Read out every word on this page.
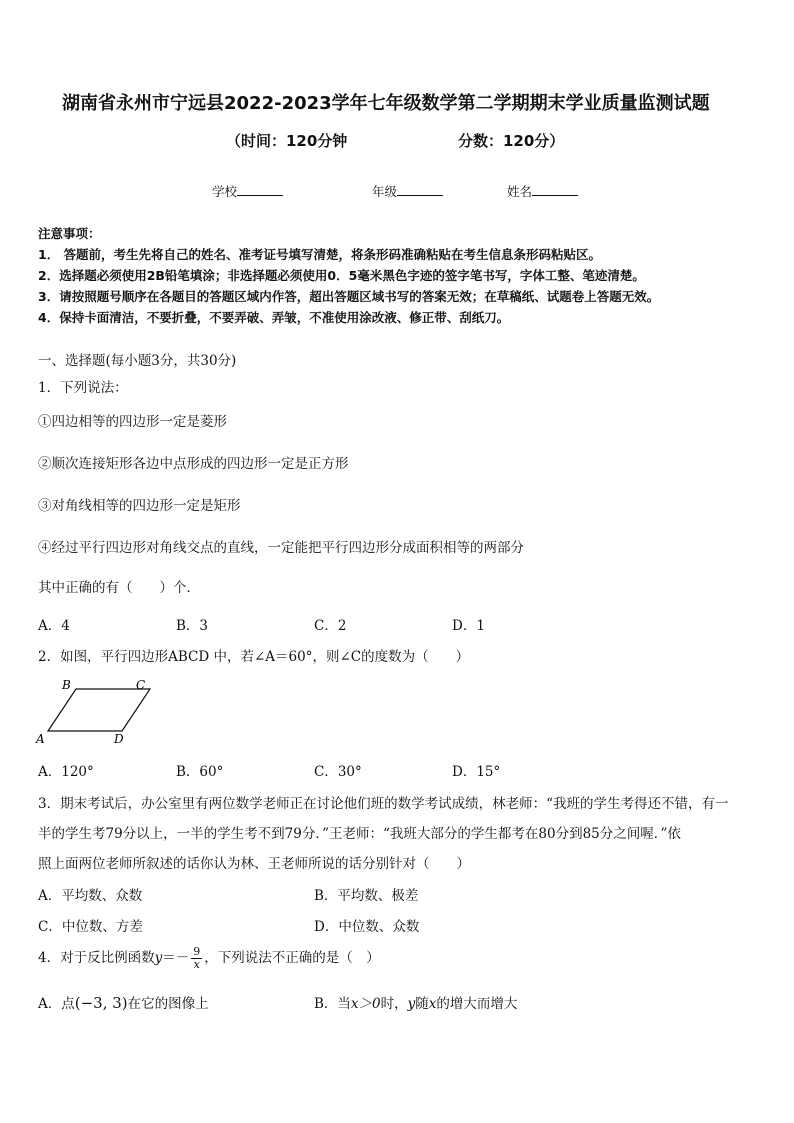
湖南省永州市宁远县2022-2023学年七年级数学第二学期期末学业质量监测试题
（时间：120分钟	分数：120分）
学校	年级	姓名
注意事项：
1． 答题前，考生先将自己的姓名、准考证号填写清楚，将条形码准确粘贴在考生信息条形码粘贴区。
2．选择题必须使用2B铅笔填涂；非选择题必须使用0．5毫米黑色字迹的签字笔书写，字体工整、笔迹清楚。
3．请按照题号顺序在各题目的答题区域内作答，超出答题区域书写的答案无效；在草稿纸、试题卷上答题无效。
4．保持卡面清洁，不要折叠，不要弄破、弄皱，不准使用涂改液、修正带、刮纸刀。
一、选择题(每小题3分，共30分)
1．下列说法：
①四边相等的四边形一定是菱形
②顺次连接矩形各边中点形成的四边形一定是正方形
③对角线相等的四边形一定是矩形
④经过平行四边形对角线交点的直线，一定能把平行四边形分成面积相等的两部分
其中正确的有（　　）个．
A．4	B．3	C．2	D．1
2．如图，平行四边形ABCD 中，若∠A＝60°，则∠C的度数为（　　）
B	C
A	D
A．120°	B．60°	C．30°	D．15°
3．期末考试后，办公室里有两位数学老师正在讨论他们班的数学考试成绩，林老师：“我班的学生考得还不错，有一
半的学生考79分以上，一半的学生考不到79分．”王老师：“我班大部分的学生都考在80分到85分之间喔．”依
照上面两位老师所叙述的话你认为林、王老师所说的话分别针对（　　）
A．平均数、众数	B．平均数、极差
C．中位数、方差	D．中位数、众数
4．对于反比例函数$y=- \frac{9}{x}$ ，下列说法不正确的是（　）
A．点(−3, 3)在它的图像上	B．当x＞0时，y随x的增大而增大
